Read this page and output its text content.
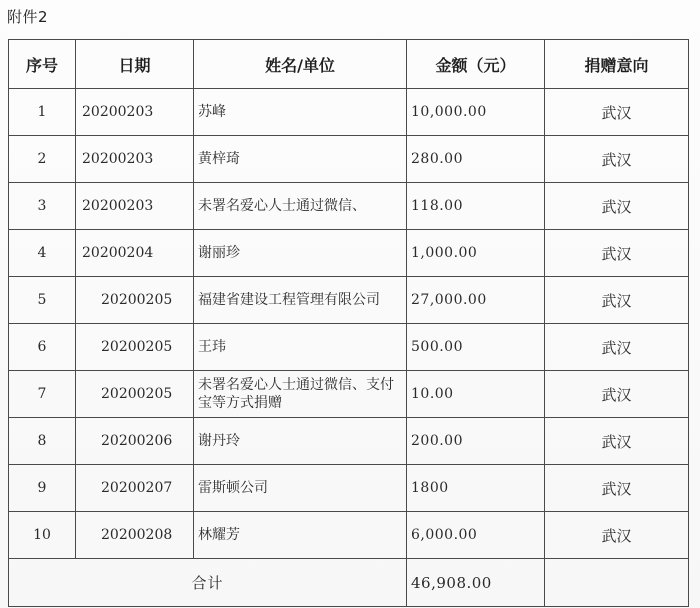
附件2
序号	日期	姓名/单位	金额（元）	捐赠意向
1	20200203	苏峰	10,000.00	武汉
2	20200203	黄梓琦	280.00	武汉
3	20200203	未署名爱心人士通过微信、	118.00	武汉
4	20200204	谢丽珍	1,000.00	武汉
5	20200205	福建省建设工程管理有限公司	27,000.00	武汉
6	20200205	王玮	500.00	武汉
7	20200205	未署名爱心人士通过微信、支付宝等方式捐赠	10.00	武汉
8	20200206	谢丹玲	200.00	武汉
9	20200207	雷斯顿公司	1800	武汉
10	20200208	林耀芳	6,000.00	武汉
合计			46,908.00	
